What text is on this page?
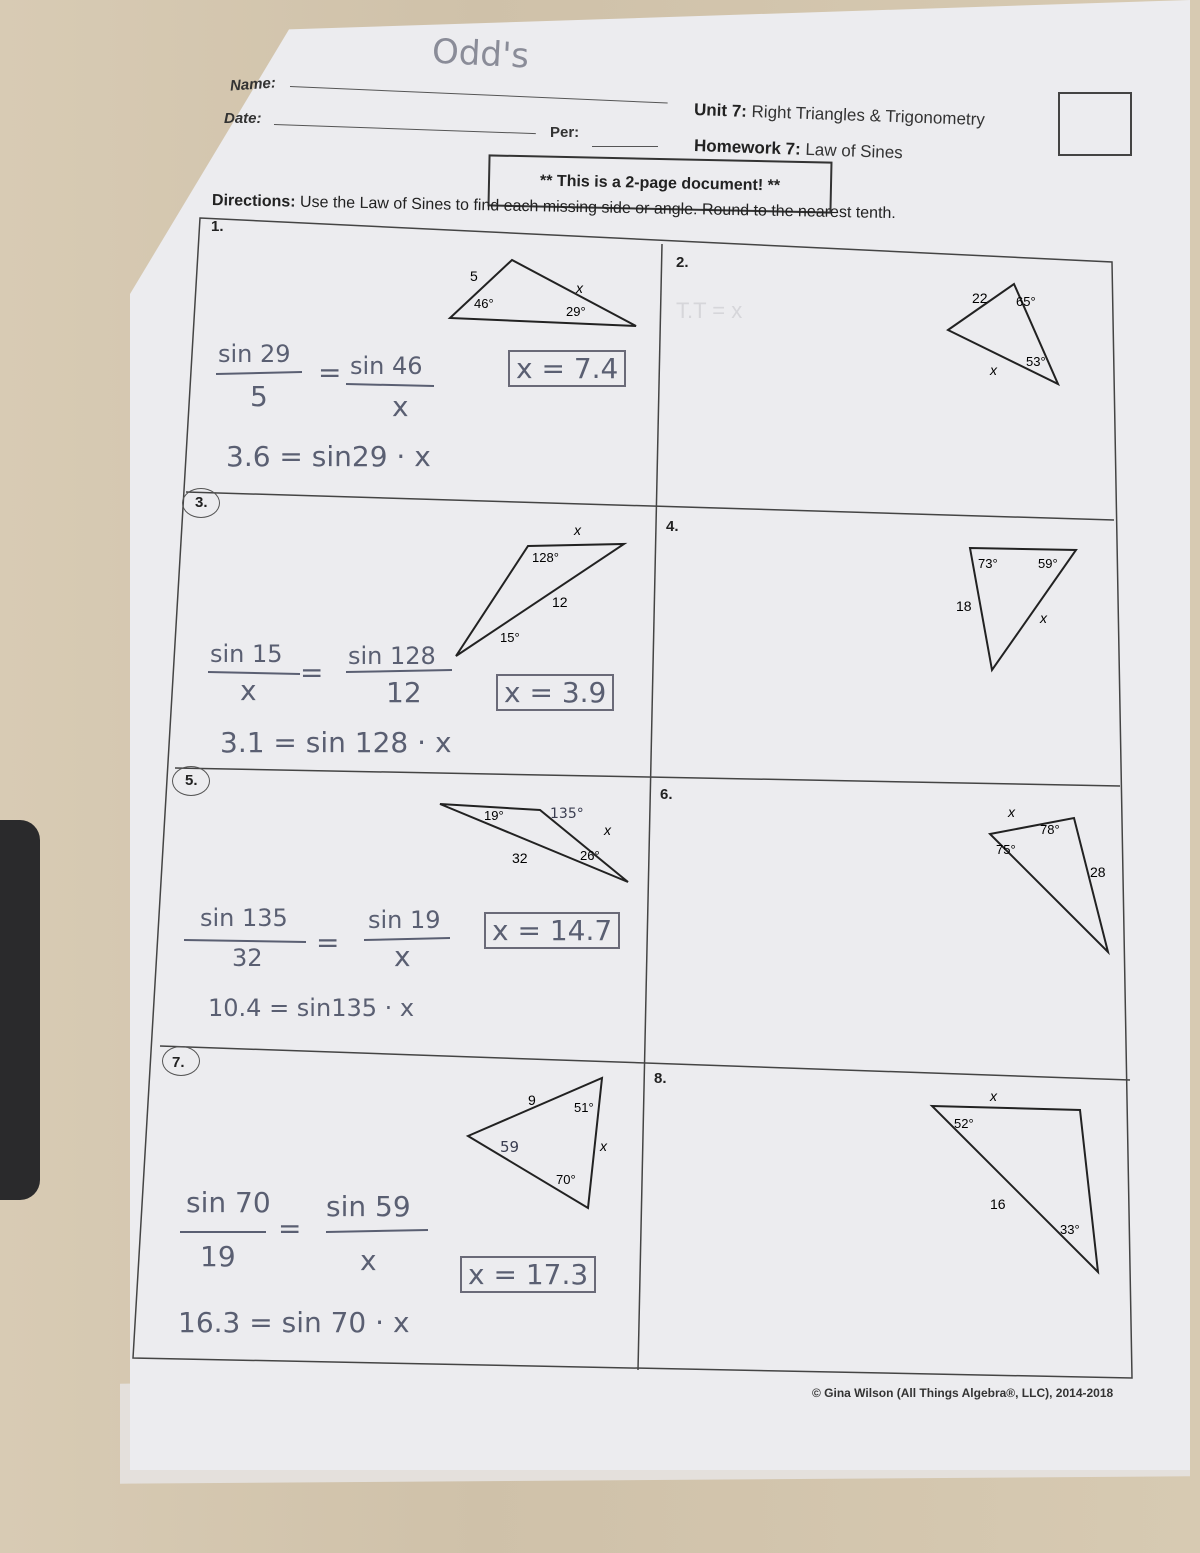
Odd's
Name:
Date:
Per:
Unit 7: Right Triangles & Trigonometry
Homework 7: Law of Sines
** This is a 2-page document! **
Directions: Use the Law of Sines to find each missing side or angle. Round to the nearest tenth.
1.
2.
3.
4.
5.
6.
7.
8.
5
46°
x
29°
22 65°
53°
x
T.T = x
128°
x
12
15°
73°	59°
18
x
19°	135°
x
32	26°
x
78°
75°
28
9	51°
59	x
70°
x
52°
16
33°
sin 29
5
= sin 46
x
3.6 = sin29 · x
x = 7.4
sin 15
x
= sin 128
12
3.1 = sin 128 · x
x = 3.9
sin 135
32 =
sin 19
x
10.4 = sin135 · x
x = 14.7
sin 70
19
=
sin 59
x
16.3 = sin 70 · x
x = 17.3
© Gina Wilson (All Things Algebra®, LLC), 2014-2018
